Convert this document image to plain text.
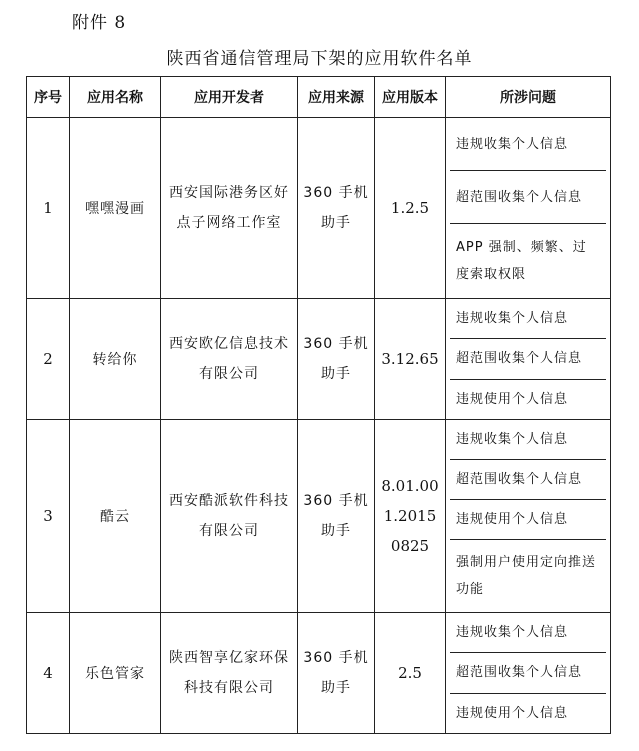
附件 8
陕西省通信管理局下架的应用软件名单
序号	应用名称	应用开发者	应用来源	应用版本	所涉问题
1	嘿嘿漫画	西安国际港务区好点子网络工作室	360 手机助手	1.2.5	违规收集个人信息
超范围收集个人信息
APP 强制、频繁、过度索取权限

2	转给你	西安欧亿信息技术有限公司	360 手机助手	3.12.65	违规收集个人信息
超范围收集个人信息
违规使用个人信息

3	酷云	西安酷派软件科技有限公司	360 手机助手	8.01.001.20150825	违规收集个人信息
超范围收集个人信息
违规使用个人信息
强制用户使用定向推送功能

4	乐色管家	陕西智享亿家环保科技有限公司	360 手机助手	2.5	违规收集个人信息
超范围收集个人信息
违规使用个人信息
